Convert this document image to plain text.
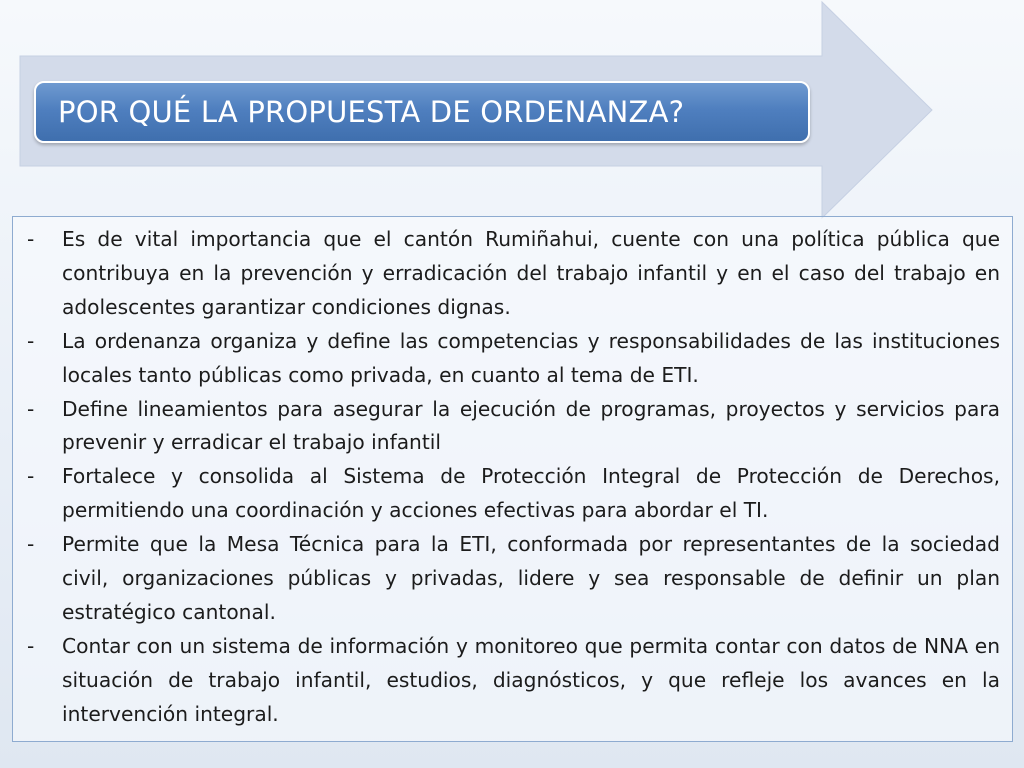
POR QUÉ LA PROPUESTA DE ORDENANZA?
- Es de vital importancia que el cantón Rumiñahui, cuente con una política pública que contribuya en la prevención y erradicación del trabajo infantil y en el caso del trabajo en adolescentes garantizar condiciones dignas.
- La ordenanza organiza y define las competencias y responsabilidades de las instituciones locales tanto públicas como privada, en cuanto al tema de ETI.
- Define lineamientos para asegurar la ejecución de programas, proyectos y servicios para prevenir y erradicar el trabajo infantil
- Fortalece y consolida al Sistema de Protección Integral de Protección de Derechos, permitiendo una coordinación y acciones efectivas para abordar el TI.
- Permite que la Mesa Técnica para la ETI, conformada por representantes de la sociedad civil, organizaciones públicas y privadas, lidere y sea responsable de definir un plan estratégico cantonal.
- Contar con un sistema de información y monitoreo que permita contar con datos de NNA en situación de trabajo infantil, estudios, diagnósticos, y que refleje los avances en la intervención integral.
